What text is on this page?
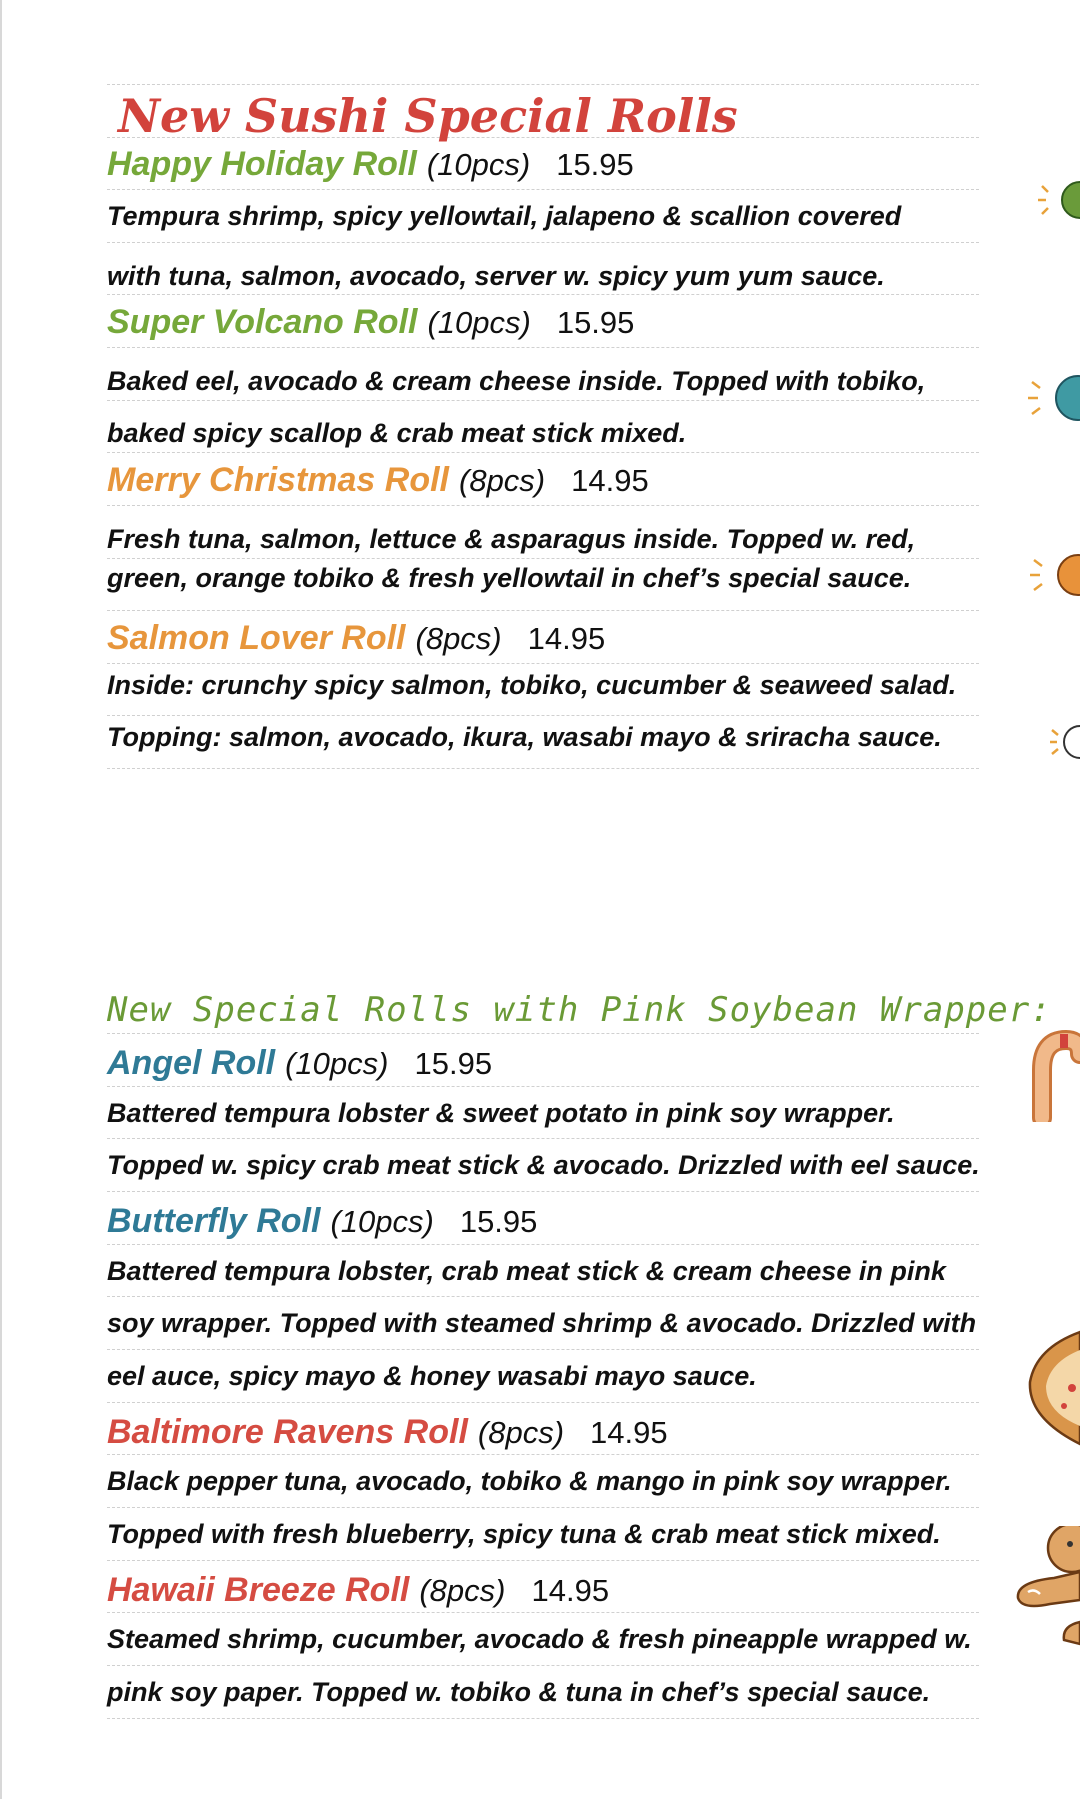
New Sushi Special Rolls
Happy Holiday Roll (10pcs) 15.95

Tempura shrimp, spicy yellowtail, jalapeno & scallion covered

with tuna, salmon, avocado, server w. spicy yum yum sauce.

Super Volcano Roll (10pcs) 15.95

Baked eel, avocado & cream cheese inside. Topped with tobiko,

baked spicy scallop & crab meat stick mixed.

Merry Christmas Roll (8pcs) 14.95

Fresh tuna, salmon, lettuce & asparagus inside. Topped w. red,

green, orange tobiko & fresh yellowtail in chef’s special sauce.

Salmon Lover Roll (8pcs) 14.95

Inside: crunchy spicy salmon, tobiko, cucumber & seaweed salad.

Topping: salmon, avocado, ikura, wasabi mayo & sriracha sauce.

New Special Rolls with Pink Soybean Wrapper:
Angel Roll (10pcs) 15.95

Battered tempura lobster & sweet potato in pink soy wrapper.

Topped w. spicy crab meat stick & avocado. Drizzled with eel sauce.

Butterfly Roll (10pcs) 15.95

Battered tempura lobster, crab meat stick & cream cheese in pink

soy wrapper. Topped with steamed shrimp & avocado. Drizzled with

eel auce, spicy mayo & honey wasabi mayo sauce.

Baltimore Ravens Roll (8pcs) 14.95

Black pepper tuna, avocado, tobiko & mango in pink soy wrapper.

Topped with fresh blueberry, spicy tuna & crab meat stick mixed.

Hawaii Breeze Roll (8pcs) 14.95

Steamed shrimp, cucumber, avocado & fresh pineapple wrapped w.

pink soy paper. Topped w. tobiko & tuna in chef’s special sauce.
